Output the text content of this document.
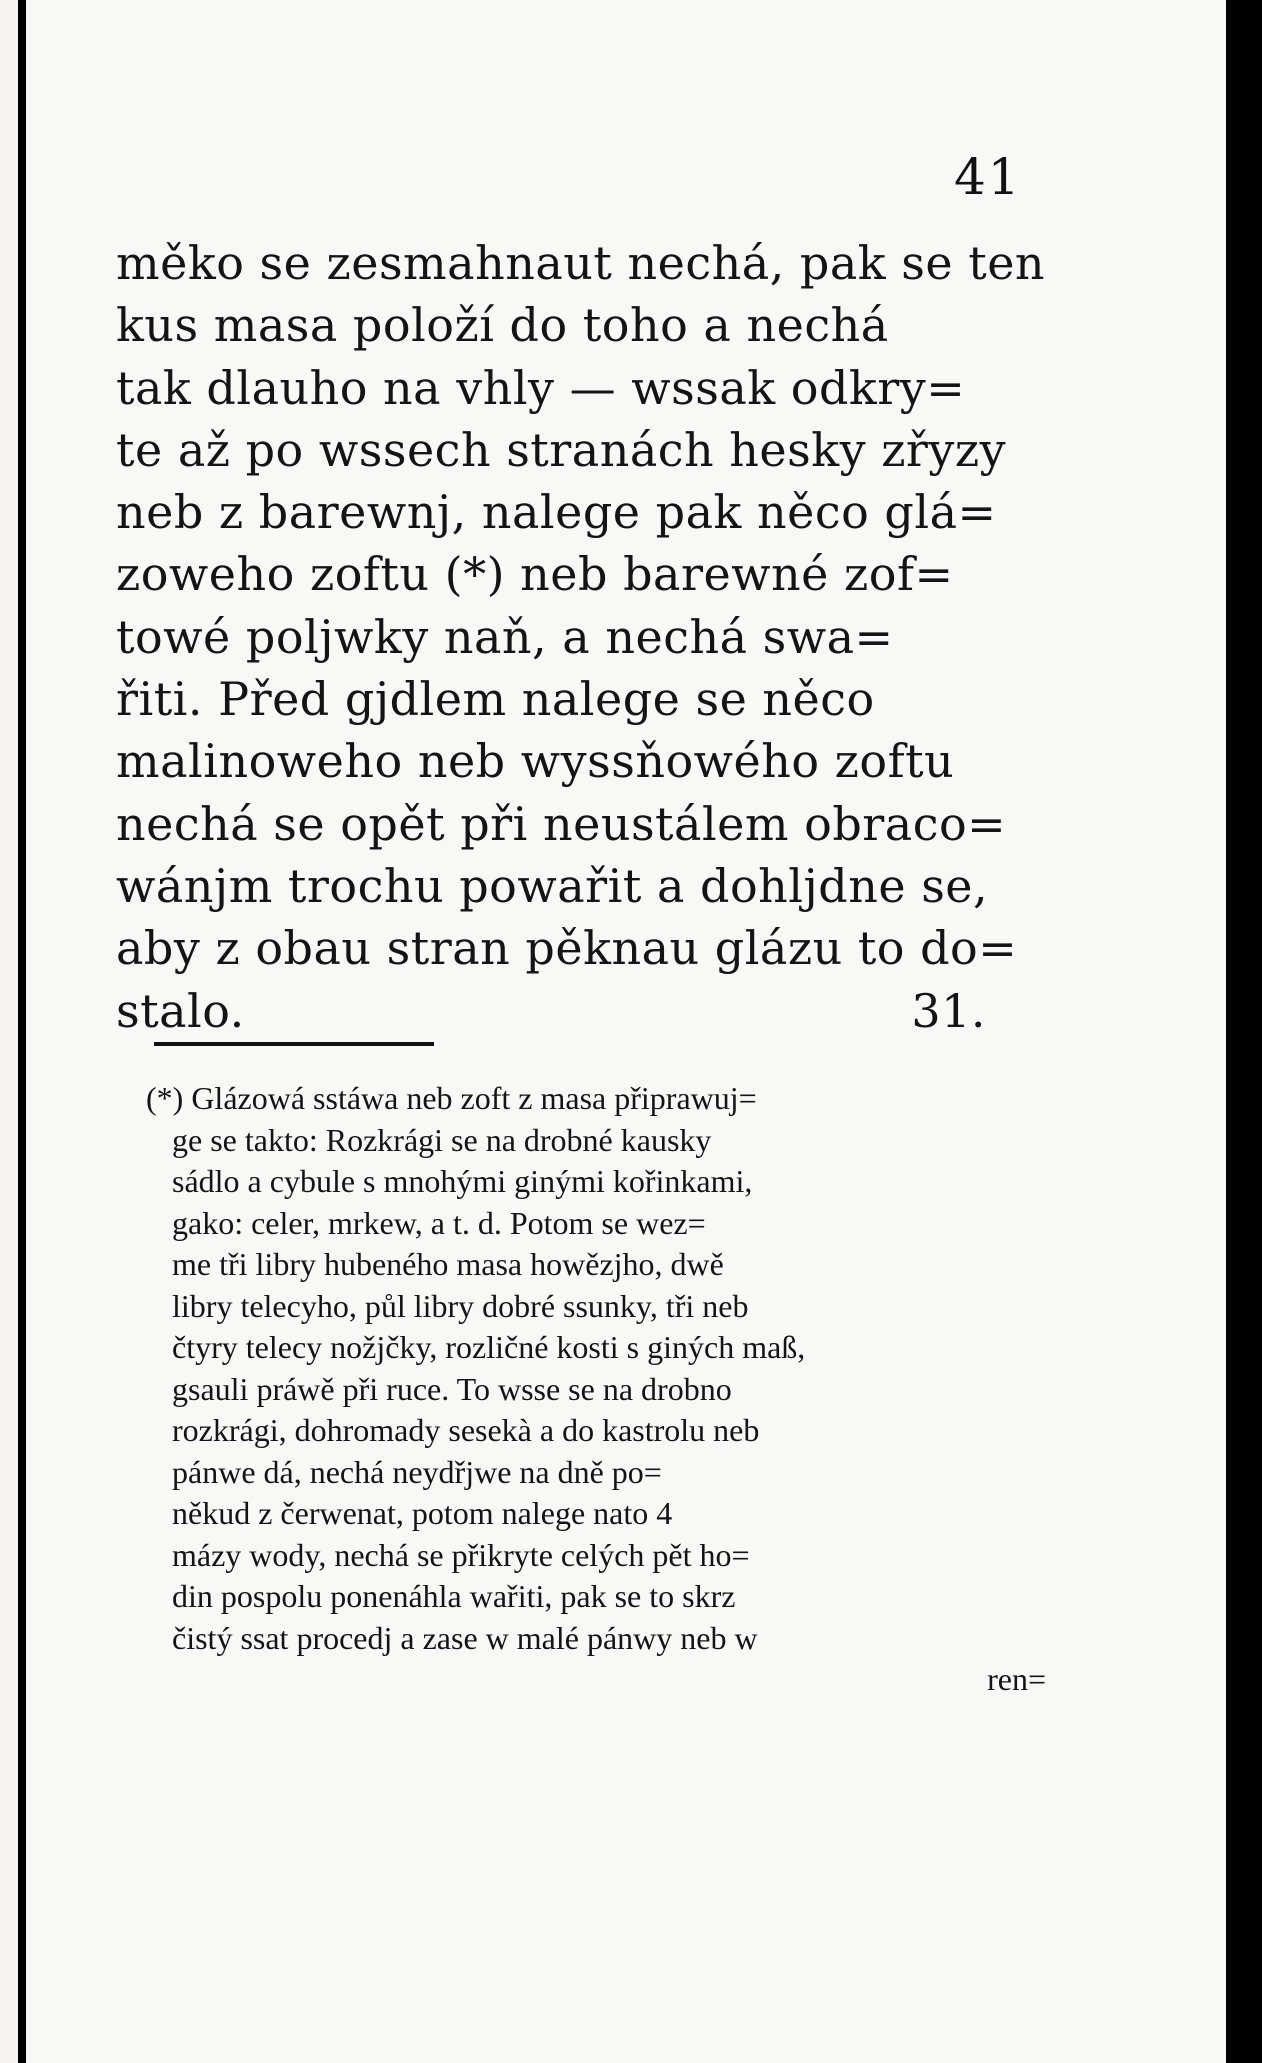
41
měko se zesmahnaut nechá, pak se ten
kus masa položí do toho a nechá
tak dlauho na vhly — wssak odkry=
te až po wssech stranách hesky zřyzy
neb z barewnj, nalege pak něco glá=
zoweho zoftu (*) neb barewné zof=
towé poljwky naň, a nechá swa=
řiti. Před gjdlem nalege se něco
malinoweho neb wyssňowého zoftu
nechá se opět při neustálem obraco=
wánjm trochu powařit a dohljdne se,
aby z obau stran pěknau glázu to do=
stalo.	31.
(*) Glázowá sstáwa neb zoft z masa připrawuj=
ge se takto: Rozkrági se na drobné kausky
sádlo a cybule s mnohými ginými kořinkami,
gako: celer, mrkew, a t. d. Potom se wez=
me tři libry hubeného masa howězjho, dwě
libry telecyho, půl libry dobré ssunky, tři neb
čtyry telecy nožjčky, rozličné kosti s giných maß,
gsauli práwě při ruce. To wsse se na drobno
rozkrági, dohromady sesekà a do kastrolu neb
pánwe dá, nechá neydřjwe na dně po=
někud z čerwenat, potom nalege nato 4
mázy wody, nechá se přikryte celých pět ho=
din pospolu ponenáhla wařiti, pak se to skrz
čistý ssat procedj a zase w malé pánwy neb w
ren=
